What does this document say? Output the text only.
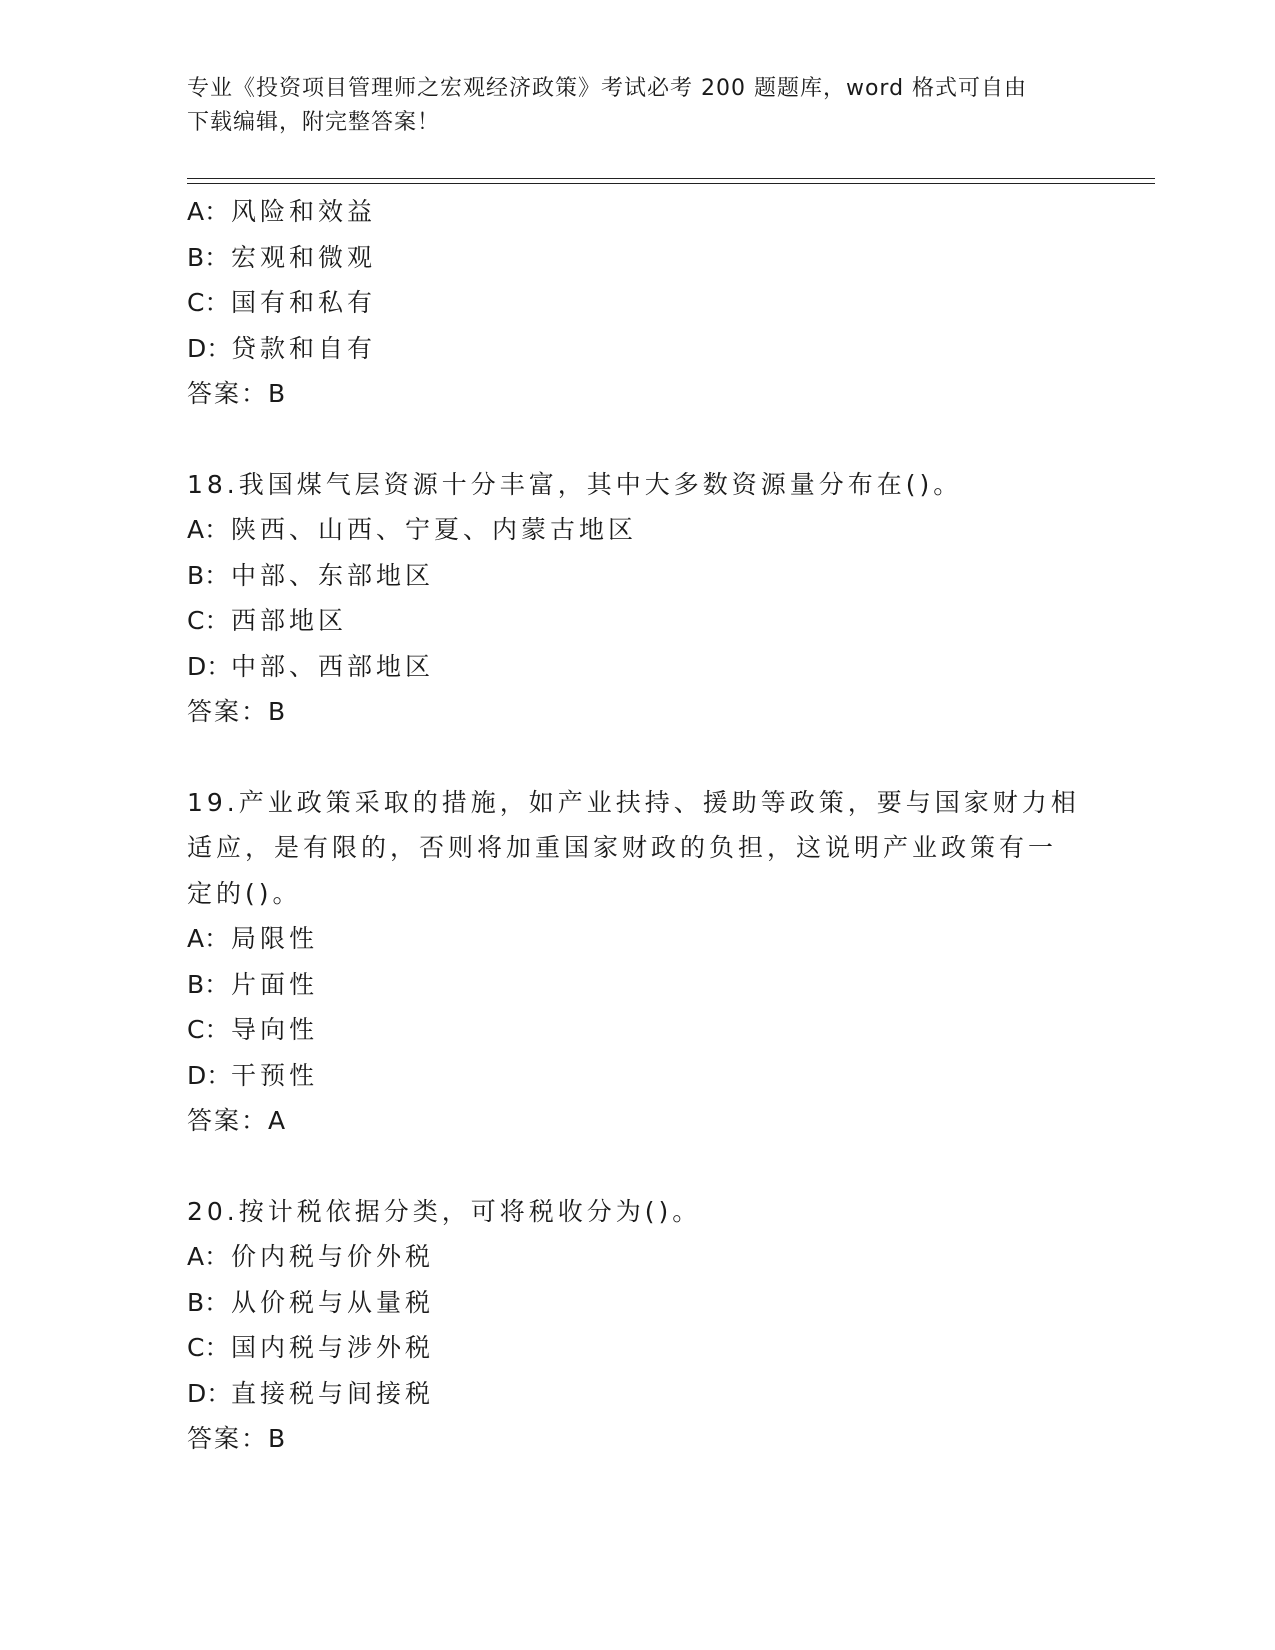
专业《投资项目管理师之宏观经济政策》考试必考 200 题题库，word 格式可自由
下载编辑，附完整答案！
A：风险和效益
B：宏观和微观
C：国有和私有
D：贷款和自有
答案：B
18.我国煤气层资源十分丰富，其中大多数资源量分布在()。
A：陕西、山西、宁夏、内蒙古地区
B：中部、东部地区
C：西部地区
D：中部、西部地区
答案：B
19.产业政策采取的措施，如产业扶持、援助等政策，要与国家财力相
适应，是有限的，否则将加重国家财政的负担，这说明产业政策有一
定的()。
A：局限性
B：片面性
C：导向性
D：干预性
答案：A
20.按计税依据分类，可将税收分为()。
A：价内税与价外税
B：从价税与从量税
C：国内税与涉外税
D：直接税与间接税
答案：B
